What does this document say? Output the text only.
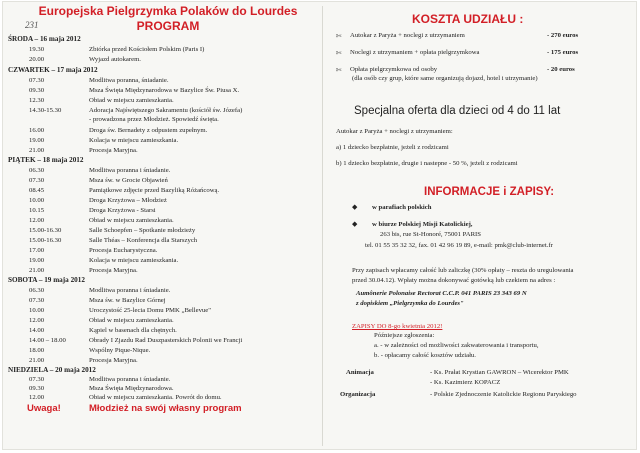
Europejska Pielgrzymka Polaków do Lourdes
PROGRAM
231
ŚRODA – 16 maja 2012
19.30	Zbiórka przed Kościołem Polskim (Paris I)
20.00	Wyjazd autokarem.
CZWARTEK – 17 maja 2012
07.30	Modlitwa poranna, śniadanie.
09.30	Msza Święta Międzynarodowa w Bazylice Św. Piusa X.
12.30	Obiad w miejscu zamieszkania.
14.30-15.30	Adoracja Najświętszego Sakramentu (kościół św. Józefa)
- prowadzona przez Młodzież. Spowiedź święta.
16.00	Droga św. Bernadety z odpustem zupełnym.
19.00	Kolacja w miejscu zamieszkania.
21.00	Procesja Maryjna.
PIĄTEK – 18 maja 2012
06.30	Modlitwa poranna i śniadanie.
07.30	Msza św. w Grocie Objawień
08.45	Pamiątkowe zdjęcie przed Bazyliką Różańcową.
10.00	Droga Krzyżowa – Młodzież
10.15	Droga Krzyżowa - Starsi
12.00	Obiad w miejscu zamieszkania.
15.00-16.30	Salle Schoepfen – Spotkanie młodzieży
15.00-16.30	Salle Théas – Konferencja dla Starszych
17.00	Procesja Eucharystyczna.
19.00	Kolacja w miejscu zamieszkania.
21.00	Procesja Maryjna.
SOBOTA – 19 maja 2012
06.30	Modlitwa poranna i śniadanie.
07.30	Msza św. w Bazylice Górnej
10.00	Uroczystość 25-lecia Domu PMK „Bellevue"
12.00	Obiad w miejscu zamieszkania.
14.00	Kąpiel w basenach dla chętnych.
14.00 – 18.00	Obrady I Zjazdu Rad Duszpasterskich Polonii we Francji
18.00	Wspólny Pique-Nique.
21.00	Procesja Maryjna.
NIEDZIELA – 20 maja 2012
07.30	Modlitwa poranna i śniadanie.
09.30	Msza Święta Międzynarodowa.
12.00	Obiad w miejscu zamieszkania. Powrót do domu.
Uwaga!	Młodzież na swój własny program
KOSZTA UDZIAŁU :
✄ Autokar z Paryża + noclegi z utrzymaniem	- 270 euros
✄ Noclegi z utrzymaniem + opłata pielgrzymkowa	- 175 euros
✄ Opłata pielgrzymkowa od osoby	- 20 euros
(dla osób czy grup, które same organizują dojazd, hotel i utrzymanie)
Specjalna oferta dla dzieci od 4 do 11 lat
Autokar z Paryża + noclegi z utrzymaniem:
a) 1 dziecko bezpłatnie, jeżeli z rodzicami
b) 1 dziecko bezpłatnie, drugie i nastepne - 50 %, jeżeli z rodzicami
INFORMACJE i ZAPISY:
◆ w parafiach polskich
◆ w biurze Polskiej Misji Katolickiej,
263 bis, rue St-Honoré, 75001 PARIS
tel. 01 55 35 32 32, fax. 01 42 96 19 89, e-mail: pmk@club-internet.fr
Przy zapisach wpłacamy całość lub zaliczkę (30% opłaty – reszta do uregulowania
przed 30.04.12). Wpłaty można dokonywać gotówką lub czekiem na adres :
Aumônerie Polonaise Rectorat C.C.P. 041 PARIS 23 343 69 N
z dopiskiem „Pielgrzymka do Lourdes"
ZAPISY DO 8-go kwietnia 2012!
Późniejsze zgłoszenia:
a. - w zależności od możliwości zakwaterowania i transportu,
b. - opłacamy całość kosztów udziału.
Animacja	- Ks. Prałat Krystian GAWRON – Wicerektor PMK
- Ks. Kazimierz KOPACZ
Organizacja	- Polskie Zjednoczenie Katolickie Regionu Paryskiego
